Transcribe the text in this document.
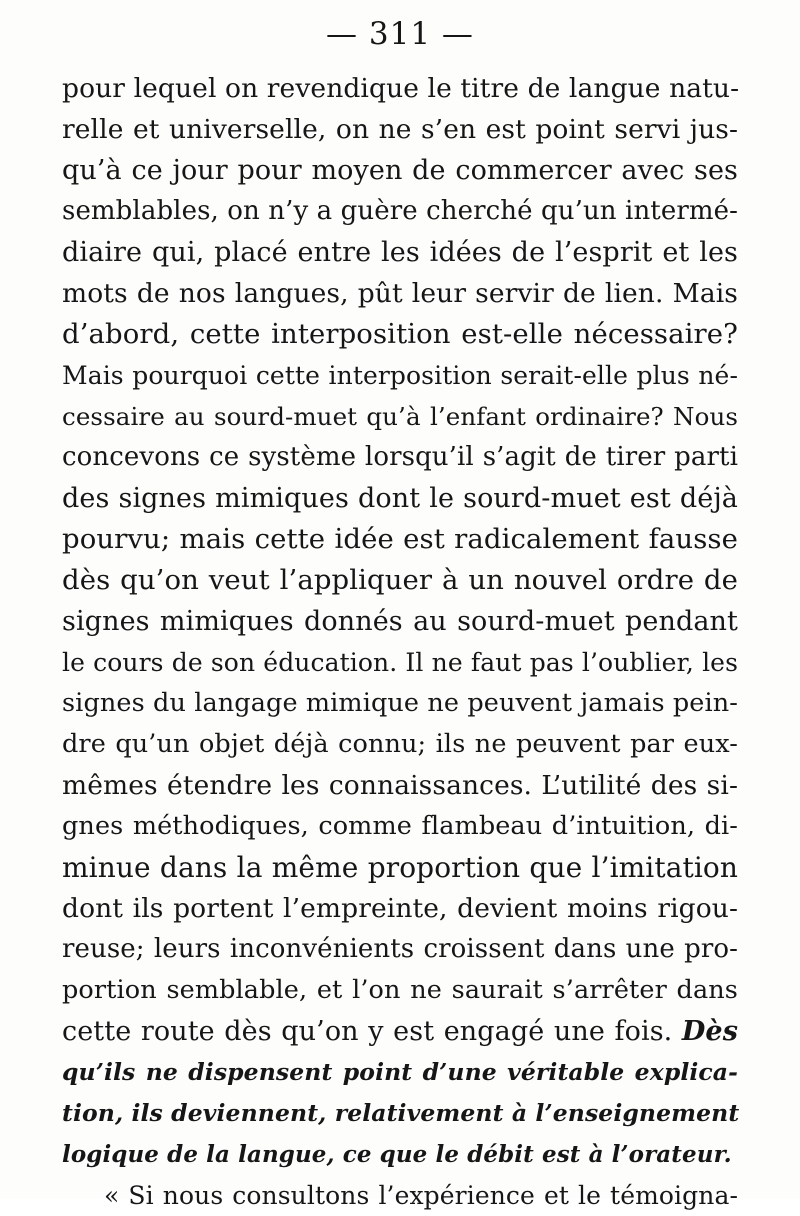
— 311 —
pour lequel on revendique le titre de langue natu-
relle et universelle, on ne s’en est point servi jus-
qu’à ce jour pour moyen de commercer avec ses
semblables, on n’y a guère cherché qu’un intermé-
diaire qui, placé entre les idées de l’esprit et les
mots de nos langues, pût leur servir de lien. Mais
d’abord, cette interposition est-elle nécessaire?
Mais pourquoi cette interposition serait-elle plus né-
cessaire au sourd-muet qu’à l’enfant ordinaire? Nous
concevons ce système lorsqu’il s’agit de tirer parti
des signes mimiques dont le sourd-muet est déjà
pourvu; mais cette idée est radicalement fausse
dès qu’on veut l’appliquer à un nouvel ordre de
signes mimiques donnés au sourd-muet pendant
le cours de son éducation. Il ne faut pas l’oublier, les
signes du langage mimique ne peuvent jamais pein-
dre qu’un objet déjà connu; ils ne peuvent par eux-
mêmes étendre les connaissances. L’utilité des si-
gnes méthodiques, comme flambeau d’intuition, di-
minue dans la même proportion que l’imitation
dont ils portent l’empreinte, devient moins rigou-
reuse; leurs inconvénients croissent dans une pro-
portion semblable, et l’on ne saurait s’arrêter dans
cette route dès qu’on y est engagé une fois. Dès
qu’ils ne dispensent point d’une véritable explica-
tion, ils deviennent, relativement à l’enseignement
logique de la langue, ce que le débit est à l’orateur.
« Si nous consultons l’expérience et le témoigna-
